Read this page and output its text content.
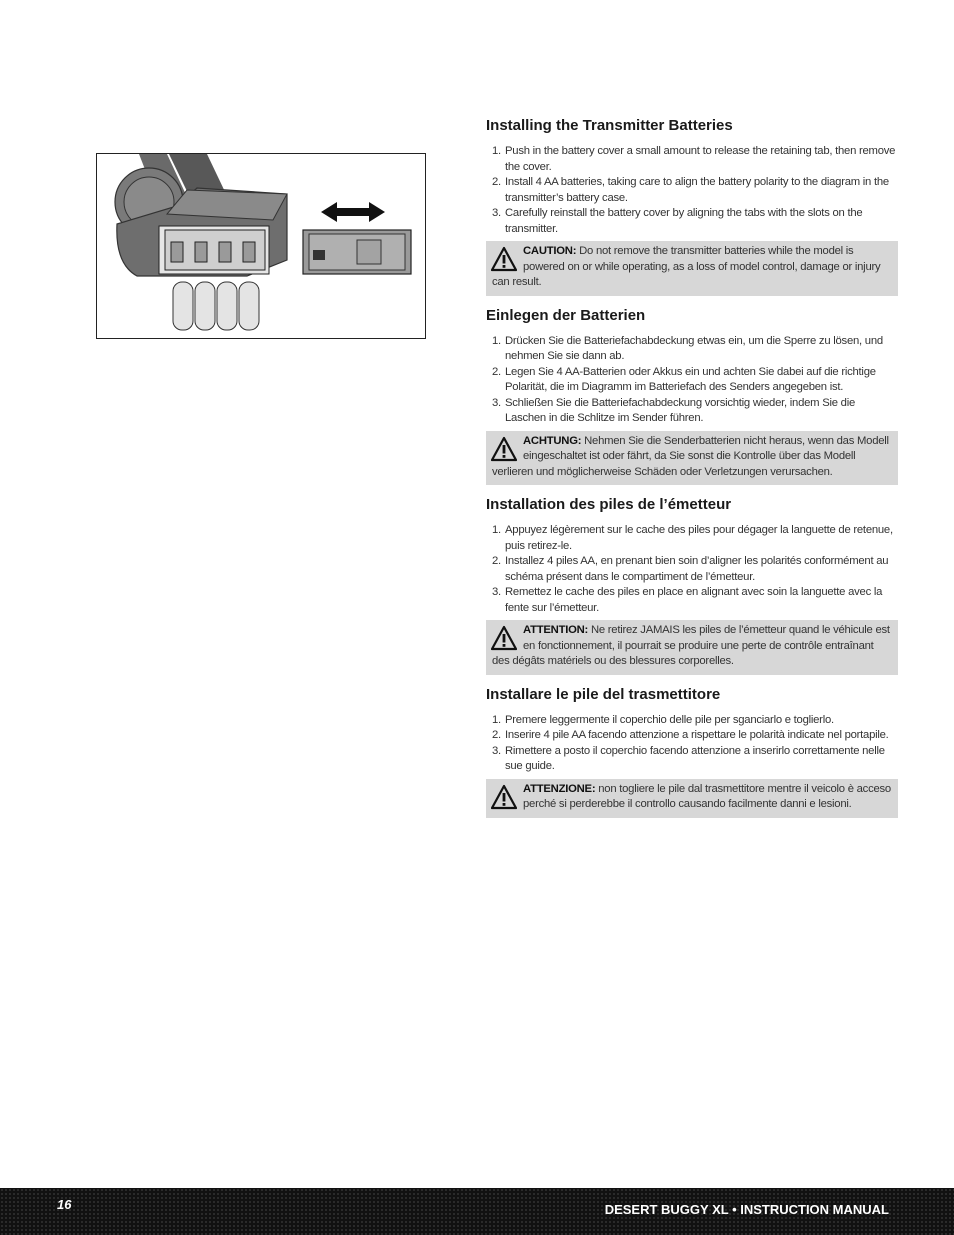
Installing the Transmitter Batteries
1. Push in the battery cover a small amount to release the retaining tab, then remove the cover.
2. Install 4 AA batteries, taking care to align the battery polarity to the diagram in the transmitter’s battery case.
3. Carefully reinstall the battery cover by aligning the tabs with the slots on the transmitter.
CAUTION: Do not remove the transmitter batteries while the model is powered on or while operating, as a loss of model control, damage or injury can result.
Einlegen der Batterien
1. Drücken Sie die Batteriefachabdeckung etwas ein, um die Sperre zu lösen, und nehmen Sie sie dann ab.
2. Legen Sie 4 AA-Batterien oder Akkus ein und achten Sie dabei auf die richtige Polarität, die im Diagramm im Batteriefach des Senders angegeben ist.
3. Schließen Sie die Batteriefachabdeckung vorsichtig wieder, indem Sie die Laschen in die Schlitze im Sender führen.
ACHTUNG: Nehmen Sie die Senderbatterien nicht heraus, wenn das Modell eingeschaltet ist oder fährt, da Sie sonst die Kontrolle über das Modell verlieren und möglicherweise Schäden oder Verletzungen verursachen.
Installation des piles de l’émetteur
1. Appuyez légèrement sur le cache des piles pour dégager la languette de retenue, puis retirez-le.
2. Installez 4 piles AA, en prenant bien soin d’aligner les polarités conformément au schéma présent dans le compartiment de l’émetteur.
3. Remettez le cache des piles en place en alignant avec soin la languette avec la fente sur l’émetteur.
ATTENTION: Ne retirez JAMAIS les piles de l’émetteur quand le véhicule est en fonctionnement, il pourrait se produire une perte de contrôle entraînant des dégâts matériels ou des blessures corporelles.
Installare le pile del trasmettitore
1. Premere leggermente il coperchio delle pile per sganciarlo e toglierlo.
2. Inserire 4 pile AA facendo attenzione a rispettare le polarità indicate nel portapile.
3. Rimettere a posto il coperchio facendo attenzione a inserirlo correttamente nelle sue guide.
ATTENZIONE: non togliere le pile dal trasmettitore mentre il veicolo è acceso perché si perderebbe il controllo causando facilmente danni e lesioni.
16	DESERT BUGGY XL • INSTRUCTION MANUAL
